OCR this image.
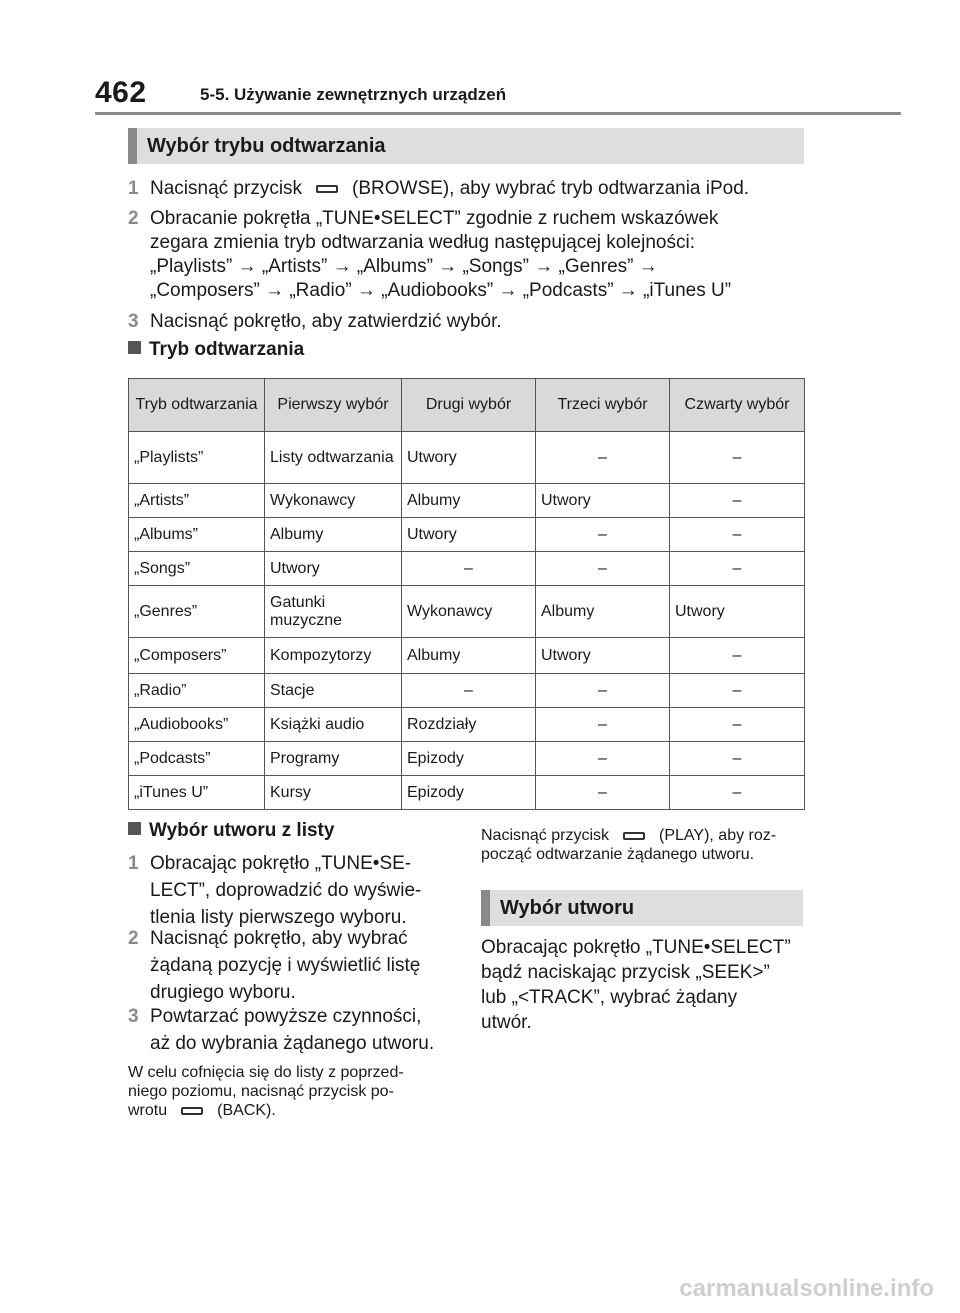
462	5-5. Używanie zewnętrznych urządzeń
Wybór trybu odtwarzania
1 Nacisnąć przycisk	(BROWSE), aby wybrać tryb odtwarzania iPod.
2 Obracanie pokrętła „TUNE•SELECT” zgodnie z ruchem wskazówek
zegara zmienia tryb odtwarzania według następującej kolejności:
„Playlists” → „Artists” → „Albums” → „Songs” → „Genres” →
„Composers” → „Radio” → „Audiobooks” → „Podcasts” → „iTunes U”
3 Nacisnąć pokrętło, aby zatwierdzić wybór.
Tryb odtwarzania
Tryb odtwarzania	Pierwszy wybór	Drugi wybór	Trzeci wybór	Czwarty wybór
„Playlists”	Listy odtwarzania	Utwory	–	–
„Artists”	Wykonawcy	Albumy	Utwory	–
„Albums”	Albumy	Utwory	–	–
„Songs”	Utwory	–	–	–
„Genres”	Gatunki muzyczne	Wykonawcy	Albumy	Utwory
„Composers”	Kompozytorzy	Albumy	Utwory	–
„Radio”	Stacje	–	–	–
„Audiobooks”	Książki audio	Rozdziały	–	–
„Podcasts”	Programy	Epizody	–	–
„iTunes U”	Kursy	Epizody	–	–
Wybór utworu z listy
1 Obracając pokrętło „TUNE•SE-
LECT”, doprowadzić do wyświe-
tlenia listy pierwszego wyboru.
2 Nacisnąć pokrętło, aby wybrać
żądaną pozycję i wyświetlić listę
drugiego wyboru.
3 Powtarzać powyższe czynności,
aż do wybrania żądanego utworu.
W celu cofnięcia się do listy z poprzed-
niego poziomu, nacisnąć przycisk po-
wrotu	(BACK).
Nacisnąć przycisk	(PLAY), aby roz-
począć odtwarzanie żądanego utworu.
Wybór utworu
Obracając pokrętło „TUNE•SELECT”
bądź naciskając przycisk „SEEK>”
lub „<TRACK”, wybrać żądany
utwór.
carmanualsonline.info
